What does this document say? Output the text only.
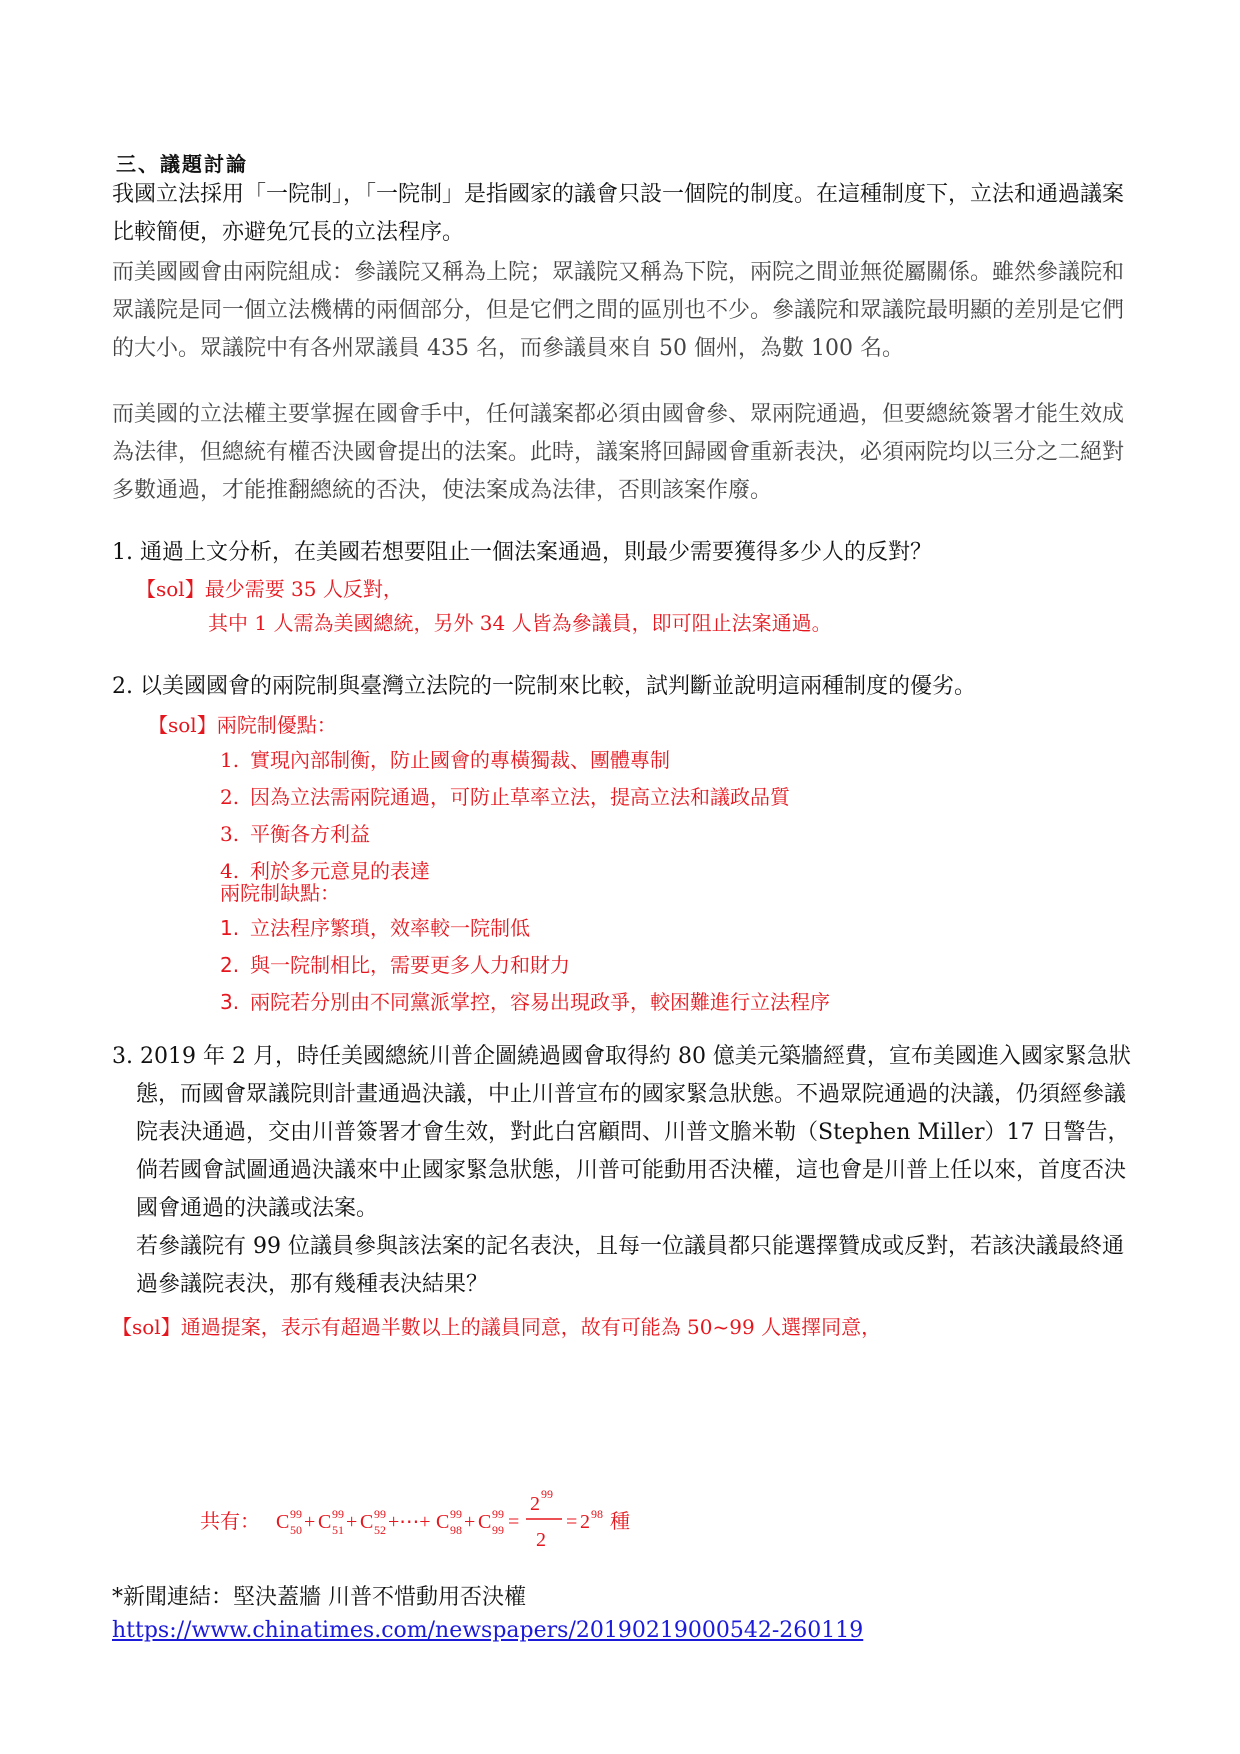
三、議題討論

我國立法採用「一院制」，「一院制」是指國家的議會只設一個院的制度。在這種制度下，立法和通過議案比較簡便，亦避免冗長的立法程序。

而美國國會由兩院組成：參議院又稱為上院；眾議院又稱為下院，兩院之間並無從屬關係。雖然參議院和眾議院是同一個立法機構的兩個部分，但是它們之間的區別也不少。參議院和眾議院最明顯的差別是它們的大小。眾議院中有各州眾議員 435 名，而參議員來自 50 個州，為數 100 名。

而美國的立法權主要掌握在國會手中，任何議案都必須由國會參、眾兩院通過，但要總統簽署才能生效成為法律，但總統有權否決國會提出的法案。此時，議案將回歸國會重新表決，必須兩院均以三分之二絕對多數通過，才能推翻總統的否決，使法案成為法律，否則該案作廢。

1. 通過上文分析，在美國若想要阻止一個法案通過，則最少需要獲得多少人的反對？

【sol】最少需要 35 人反對，

其中 1 人需為美國總統，另外 34 人皆為參議員，即可阻止法案通過。

2. 以美國國會的兩院制與臺灣立法院的一院制來比較，試判斷並說明這兩種制度的優劣。

【sol】兩院制優點：

1. 實現內部制衡，防止國會的專橫獨裁、團體專制
2. 因為立法需兩院通過，可防止草率立法，提高立法和議政品質
3. 平衡各方利益
4. 利於多元意見的表達
兩院制缺點：
1. 立法程序繁瑣，效率較一院制低
2. 與一院制相比，需要更多人力和財力
3. 兩院若分別由不同黨派掌控，容易出現政爭，較困難進行立法程序

3. 2019 年 2 月，時任美國總統川普企圖繞過國會取得約 80 億美元築牆經費，宣布美國進入國家緊急狀態，而國會眾議院則計畫通過決議，中止川普宣布的國家緊急狀態。不過眾院通過的決議，仍須經參議院表決通過，交由川普簽署才會生效，對此白宮顧問、川普文膽米勒（Stephen Miller）17 日警告，倘若國會試圖通過決議來中止國家緊急狀態，川普可能動用否決權，這也會是川普上任以來，首度否決國會通過的決議或法案。

若參議院有 99 位議員參與該法案的記名表決，且每一位議員都只能選擇贊成或反對，若該決議最終通過參議院表決，那有幾種表決結果？

【sol】通過提案，表示有超過半數以上的議員同意，故有可能為 50~99 人選擇同意，

共有： C 99
50 + C 99
51 + C 99
52 +⋯+ C 99
98 + C 99
99 =
2 99
2
= 2 98 種
*新聞連結：堅決蓋牆 川普不惜動用否決權
https://www.chinatimes.com/newspapers/20190219000542-260119
